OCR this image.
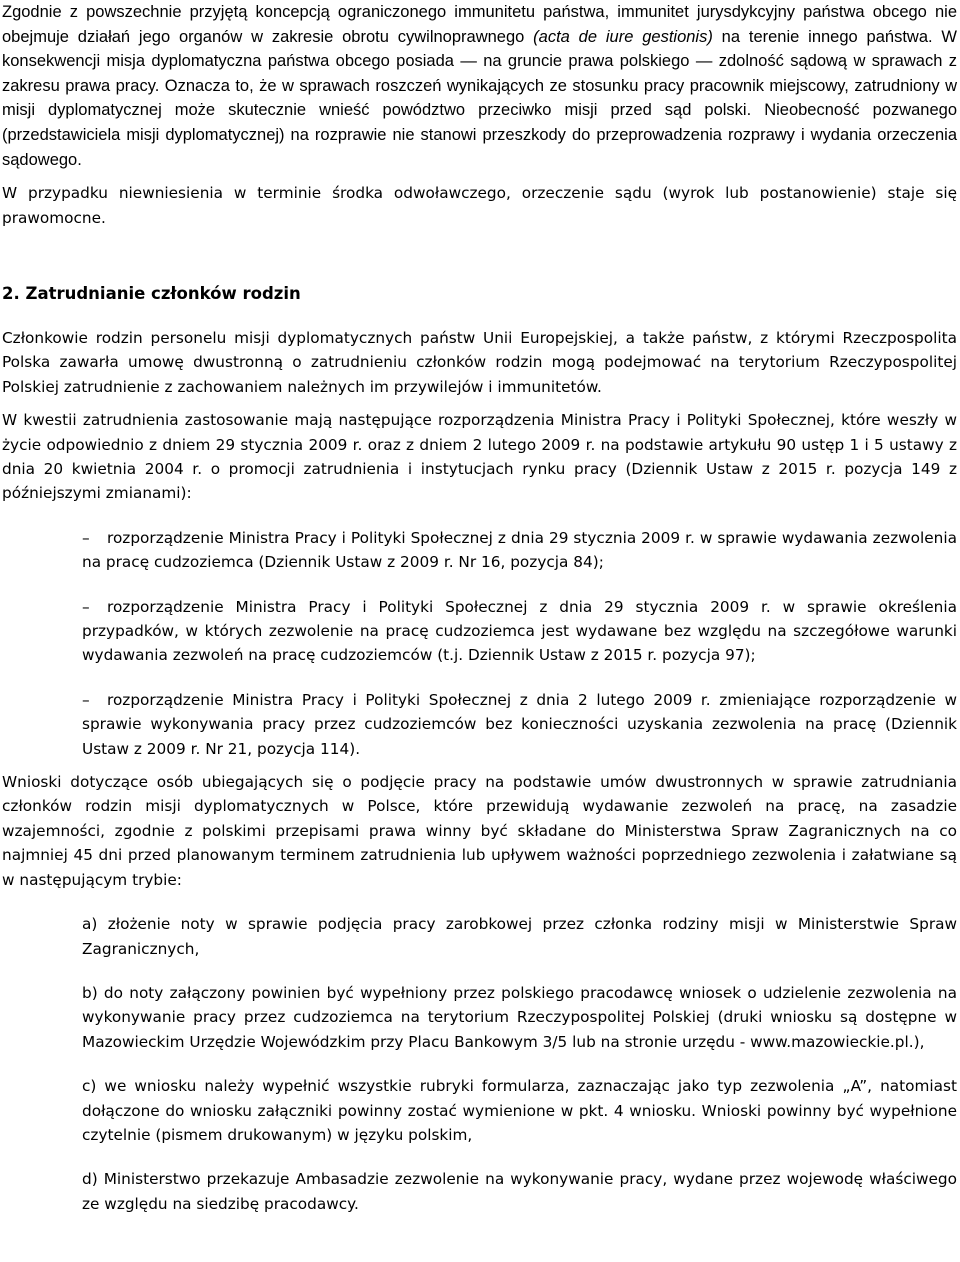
Zgodnie z powszechnie przyjętą koncepcją ograniczonego immunitetu państwa, immunitet jurysdykcyjny państwa obcego nie obejmuje działań jego organów w zakresie obrotu cywilnoprawnego (acta de iure gestionis) na terenie innego państwa. W konsekwencji misja dyplomatyczna państwa obcego posiada — na gruncie prawa polskiego — zdolność sądową w sprawach z zakresu prawa pracy. Oznacza to, że w sprawach roszczeń wynikających ze stosunku pracy pracownik miejscowy, zatrudniony w misji dyplomatycznej może skutecznie wnieść powództwo przeciwko misji przed sąd polski. Nieobecność pozwanego (przedstawiciela misji dyplomatycznej) na rozprawie nie stanowi przeszkody do przeprowadzenia rozprawy i wydania orzeczenia sądowego.

W przypadku niewniesienia w terminie środka odwoławczego, orzeczenie sądu (wyrok lub postanowienie) staje się prawomocne.

2. Zatrudnianie członków rodzin

Członkowie rodzin personelu misji dyplomatycznych państw Unii Europejskiej, a także państw, z którymi Rzeczpospolita Polska zawarła umowę dwustronną o zatrudnieniu członków rodzin mogą podejmować na terytorium Rzeczypospolitej Polskiej zatrudnienie z zachowaniem należnych im przywilejów i immunitetów.

W kwestii zatrudnienia zastosowanie mają następujące rozporządzenia Ministra Pracy i Polityki Społecznej, które weszły w życie odpowiednio z dniem 29 stycznia 2009 r. oraz z dniem 2 lutego 2009 r. na podstawie artykułu 90 ustęp 1 i 5 ustawy z dnia 20 kwietnia 2004 r. o promocji zatrudnienia i instytucjach rynku pracy (Dziennik Ustaw z 2015 r. pozycja 149 z późniejszymi zmianami):

– rozporządzenie Ministra Pracy i Polityki Społecznej z dnia 29 stycznia 2009 r. w sprawie wydawania zezwolenia na pracę cudzoziemca (Dziennik Ustaw z 2009 r. Nr 16, pozycja 84);

– rozporządzenie Ministra Pracy i Polityki Społecznej z dnia 29 stycznia 2009 r. w sprawie określenia przypadków, w których zezwolenie na pracę cudzoziemca jest wydawane bez względu na szczegółowe warunki wydawania zezwoleń na pracę cudzoziemców (t.j. Dziennik Ustaw z 2015 r. pozycja 97);

– rozporządzenie Ministra Pracy i Polityki Społecznej z dnia 2 lutego 2009 r. zmieniające rozporządzenie w sprawie wykonywania pracy przez cudzoziemców bez konieczności uzyskania zezwolenia na pracę (Dziennik Ustaw z 2009 r. Nr 21, pozycja 114).

Wnioski dotyczące osób ubiegających się o podjęcie pracy na podstawie umów dwustronnych w sprawie zatrudniania członków rodzin misji dyplomatycznych w Polsce, które przewidują wydawanie zezwoleń na pracę, na zasadzie wzajemności, zgodnie z polskimi przepisami prawa winny być składane do Ministerstwa Spraw Zagranicznych na co najmniej 45 dni przed planowanym terminem zatrudnienia lub upływem ważności poprzedniego zezwolenia i załatwiane są w następującym trybie:

a) złożenie noty w sprawie podjęcia pracy zarobkowej przez członka rodziny misji w Ministerstwie Spraw Zagranicznych,

b) do noty załączony powinien być wypełniony przez polskiego pracodawcę wniosek o udzielenie zezwolenia na wykonywanie pracy przez cudzoziemca na terytorium Rzeczypospolitej Polskiej (druki wniosku są dostępne w Mazowieckim Urzędzie Wojewódzkim przy Placu Bankowym 3/5 lub na stronie urzędu - www.mazowieckie.pl.),

c) we wniosku należy wypełnić wszystkie rubryki formularza, zaznaczając jako typ zezwolenia „A”, natomiast dołączone do wniosku załączniki powinny zostać wymienione w pkt. 4 wniosku. Wnioski powinny być wypełnione czytelnie (pismem drukowanym) w języku polskim,

d) Ministerstwo przekazuje Ambasadzie zezwolenie na wykonywanie pracy, wydane przez wojewodę właściwego ze względu na siedzibę pracodawcy.
